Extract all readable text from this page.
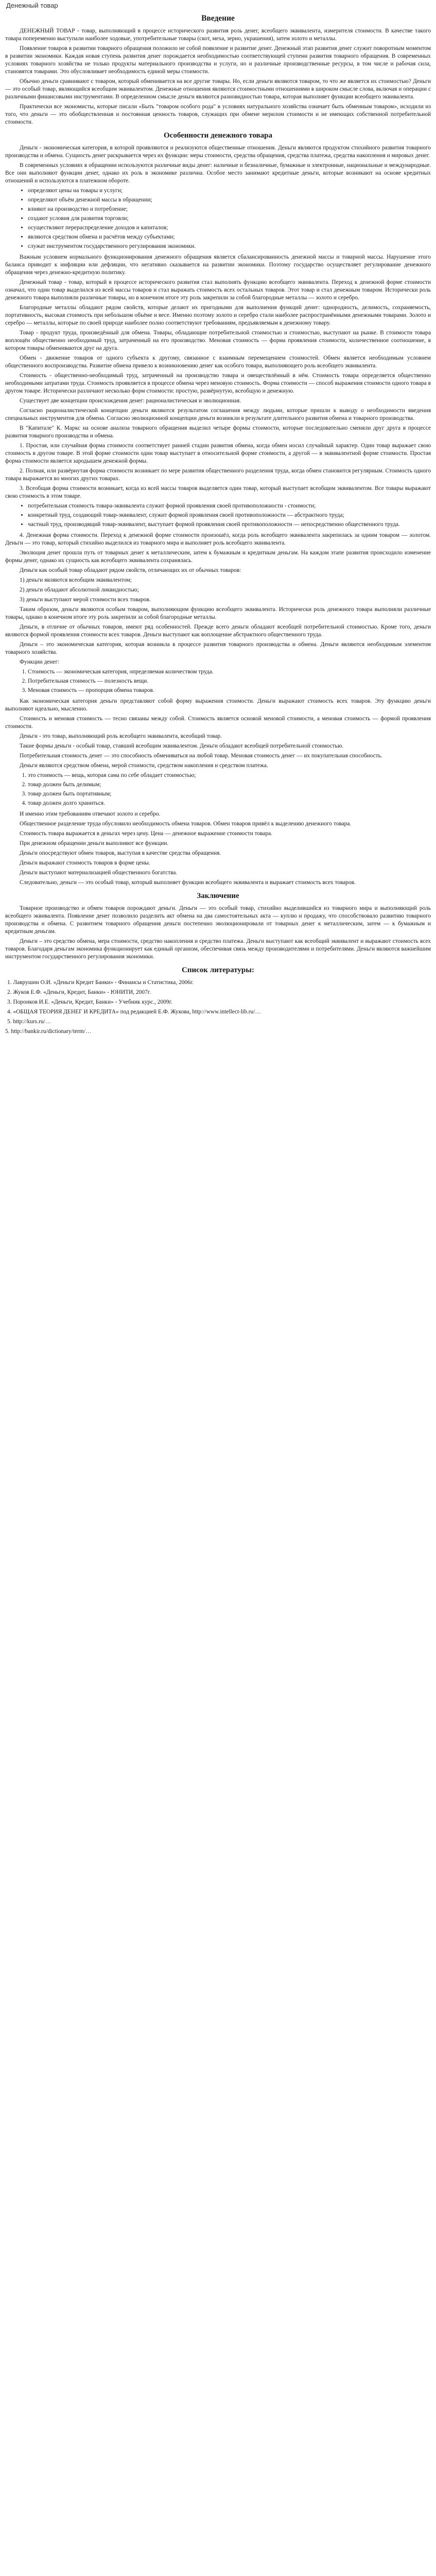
Денежный товар
Введение

ДЕНЕЖНЫЙ ТОВАР - товар, выполняющий в процессе исторического развития роль денег, всеобщего эквивалента, измерителя стоимости. В качестве такого товара попеременно выступали наиболее ходовые, употребительные товары (скот, меха, зерно, украшения), затем золото и металлы.

Появление товаров в развитии товарного обращения положило не собой появление и развитие денег. Денежный этап развития денег служит поворотным моментом в развитии экономики. Каждая новая ступень развития денег порождается необходимостью соответствующей ступени развития товарного обращения. В современных условиях товарного хозяйства не только продукты материального производства и услуги, но и различные производственные ресурсы, в том числе и рабочая сила, становятся товарами. Это обусловливает необходимость единой меры стоимости.

Обычно деньги сравнивают с товаром, который обменивается на все другие товары. Но, если деньги являются товаром, то что же является их стоимостью? Деньги — это особый товар, являющийся всеобщим эквивалентом. Денежные отношения являются стоимостными отношениями в широком смысле слова, включая и операции с различными финансовыми инструментами. В определенном смысле деньги являются разновидностью товара, которая выполняет функции всеобщего эквивалента.

Практически все экономисты, которые писали «Быть "товаром особого рода" в условиях натурального хозяйства означает быть обменным товаром», исходили из того, что деньги — это обобществленная и постоянная ценность товаров, служащих при обмене мерилом стоимости и не имеющих собственной потребительной стоимости.

Особенности денежного товара

Деньги - экономическая категория, в которой проявляются и реализуются общественные отношения. Деньги являются продуктом стихийного развития товарного производства и обмена. Сущность денег раскрывается через их функции: меры стоимости, средства обращения, средства платежа, средства накопления и мировых денег.

В современных условиях в обращении используются различные виды денег: наличные и безналичные, бумажные и электронные, национальные и международные. Все они выполняют функции денег, однако их роль в экономике различна. Особое место занимают кредитные деньги, которые возникают на основе кредитных отношений и используются в платежном обороте.

• определяют цены на товары и услуги;
• определяют объём денежной массы в обращении;
• влияют на производство и потребление;
• создают условия для развития торговли;
• осуществляют перераспределение доходов и капиталов;
• являются средством обмена и расчётов между субъектами;
• служат инструментом государственного регулирования экономики.

Важным условием нормального функционирования денежного обращения является сбалансированность денежной массы и товарной массы. Нарушение этого баланса приводит к инфляции или дефляции, что негативно сказывается на развитии экономики. Поэтому государство осуществляет регулирование денежного обращения через денежно-кредитную политику.

Денежный товар - товар, который в процессе исторического развития стал выполнять функцию всеобщего эквивалента. Переход к денежной форме стоимости означал, что один товар выделился из всей массы товаров и стал выражать стоимость всех остальных товаров. Этот товар и стал денежным товаром. Исторически роль денежного товара выполняли различные товары, но в конечном итоге эту роль закрепили за собой благородные металлы — золото и серебро.

Благородные металлы обладают рядом свойств, которые делают их пригодными для выполнения функций денег: однородность, делимость, сохраняемость, портативность, высокая стоимость при небольшом объёме и весе. Именно поэтому золото и серебро стали наиболее распространёнными денежными товарами. Золото и серебро — металлы, которые по своей природе наиболее полно соответствуют требованиям, предъявляемым к денежному товару.

Товар - продукт труда, произведённый для обмена. Товары, обладающие потребительной стоимостью и стоимостью, выступают на рынке. В стоимости товара воплощён общественно необходимый труд, затраченный на его производство. Меновая стоимость — форма проявления стоимости, количественное соотношение, в котором товары обмениваются друг на друга.

Обмен - движение товаров от одного субъекта к другому, связанное с взаимным перемещением стоимостей. Обмен является необходимым условием общественного воспроизводства. Развитие обмена привело к возникновению денег как особого товара, выполняющего роль всеобщего эквивалента.

Стоимость - общественно-необходимый труд, затраченный на производство товара и овеществлённый в нём. Стоимость товара определяется общественно необходимыми затратами труда. Стоимость проявляется в процессе обмена через меновую стоимость. Форма стоимости — способ выражения стоимости одного товара в другом товаре. Исторически различают несколько форм стоимости: простую, развёрнутую, всеобщую и денежную.

Существует две концепции происхождения денег: рационалистическая и эволюционная.

Согласно рационалистической концепции деньги являются результатом соглашения между людьми, которые пришли к выводу о необходимости введения специальных инструментов для обмена. Согласно эволюционной концепции деньги возникли в результате длительного развития обмена и товарного производства.

В "Капитале" К. Маркс на основе анализа товарного обращения выделил четыре формы стоимости, которые последовательно сменяли друг друга в процессе развития товарного производства и обмена.

1. Простая, или случайная форма стоимости соответствует ранней стадии развития обмена, когда обмен носил случайный характер. Один товар выражает свою стоимость в другом товаре. В этой форме стоимости один товар выступает в относительной форме стоимости, а другой — в эквивалентной форме стоимости. Простая форма стоимости является зародышем денежной формы.

2. Полная, или развёрнутая форма стоимости возникает по мере развития общественного разделения труда, когда обмен становится регулярным. Стоимость одного товара выражается во многих других товарах.

3. Всеобщая форма стоимости возникает, когда из всей массы товаров выделяется один товар, который выступает всеобщим эквивалентом. Все товары выражают свою стоимость в этом товаре.

• потребительная стоимость товара-эквивалента служит формой проявления своей противоположности - стоимости;
• конкретный труд, создающий товар-эквивалент, служит формой проявления своей противоположности — абстрактного труда;
• частный труд, производящий товар-эквивалент, выступает формой проявления своей противоположности — непосредственно общественного труда.

4. Денежная форма стоимости. Переход к денежной форме стоимости произошёл, когда роль всеобщего эквивалента закрепилась за одним товаром — золотом. Деньги — это товар, который стихийно выделился из товарного мира и выполняет роль всеобщего эквивалента.

Эволюция денег прошла путь от товарных денег к металлическим, затем к бумажным и кредитным деньгам. На каждом этапе развития происходило изменение формы денег, однако их сущность как всеобщего эквивалента сохранялась.

Деньги как особый товар обладают рядом свойств, отличающих их от обычных товаров:

1) деньги являются всеобщим эквивалентом;

2) деньги обладают абсолютной ликвидностью;

3) деньги выступают мерой стоимости всех товаров.

Таким образом, деньги являются особым товаром, выполняющим функцию всеобщего эквивалента. Исторически роль денежного товара выполняли различные товары, однако в конечном итоге эту роль закрепили за собой благородные металлы.

Деньги, в отличие от обычных товаров, имеют ряд особенностей. Прежде всего деньги обладают всеобщей потребительной стоимостью. Кроме того, деньги являются формой проявления стоимости всех товаров. Деньги выступают как воплощение абстрактного общественного труда.

Деньги – это экономическая категория, которая возникла в процессе развития товарного производства и обмена. Деньги являются необходимым элементом товарного хозяйства.

Функции денег:

1. Стоимость — экономическая категория, определяемая количеством труда.
2. Потребительная стоимость — полезность вещи.
3. Меновая стоимость — пропорция обмена товаров.

Как экономическая категория деньги представляют собой форму выражения стоимости. Деньги выражают стоимость всех товаров. Эту функцию деньги выполняют идеально, мысленно.

Стоимость и меновая стоимость — тесно связаны между собой. Стоимость является основой меновой стоимости, а меновая стоимость — формой проявления стоимости.

Деньги - это товар, выполняющий роль всеобщего эквивалента, всеобщий товар.

Такие формы деньги - особый товар, ставший всеобщим эквивалентом. Деньги обладают всеобщей потребительной стоимостью.

Потребительная стоимость денег — это способность обмениваться на любой товар. Меновая стоимость денег — их покупательная способность.

Деньги являются средством обмена, мерой стоимости, средством накопления и средством платежа.

1. это стоимость — вещь, которая сама по себе обладает стоимостью;
2. товар должен быть делимым;
3. товар должен быть портативным;
4. товар должен долго храниться.

И именно этим требованиям отвечают золото и серебро.

Общественное разделение труда обусловило необходимость обмена товаров. Обмен товаров привёл к выделению денежного товара.

Стоимость товара выражается в деньгах через цену. Цена — денежное выражение стоимости товара.

При денежном обращении деньги выполняют все функции.

Деньги опосредствуют обмен товаров, выступая в качестве средства обращения.

Деньги выражают стоимость товаров в форме цены.

Деньги выступают материализацией общественного богатства.

Следовательно, деньги — это особый товар, который выполняет функции всеобщего эквивалента и выражает стоимость всех товаров.

Заключение

Товарное производство и обмен товаров порождают деньги. Деньги — это особый товар, стихийно выделившийся из товарного мира и выполняющий роль всеобщего эквивалента. Появление денег позволило разделить акт обмена на два самостоятельных акта — куплю и продажу, что способствовало развитию товарного производства и обмена. С развитием товарного обращения деньги постепенно эволюционировали от товарных денег к металлическим, затем — к бумажным и кредитным деньгам.

Деньги – это средство обмена, мера стоимости, средство накопления и средство платежа. Деньги выступают как всеобщий эквивалент и выражают стоимость всех товаров. Благодаря деньгам экономика функционирует как единый организм, обеспечивая связь между производителями и потребителями. Деньги являются важнейшим инструментом государственного регулирования экономики.

Список литературы:
1. Лаврушин О.И. «Деньги Кредит Банки» - Финансы и Статистика, 2006г.
2. Жуков Е.Ф. «Деньги, Кредит, Банки» - ЮНИТИ, 2007г.
3. Пороиков И.Е. «Деньги, Кредит, Банки» - Учебник курс., 2009г.
4. «ОБЩАЯ ТЕОРИЯ ДЕНЕГ И КРЕДИТА» под редакцией Е.Ф. Жукова, http://www.intellect-lib.ru/…
5. http://kurs.ru/…
5. http://bankir.ru/dictionary/term/…
